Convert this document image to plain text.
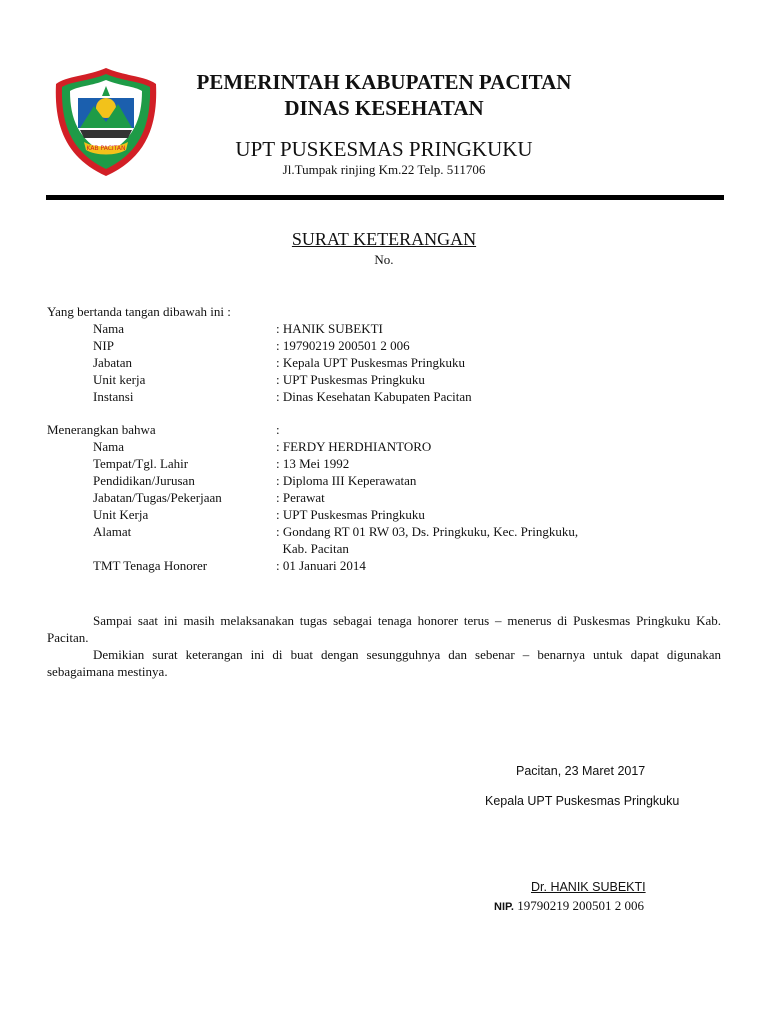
KAB PACITAN
PEMERINTAH KABUPATEN PACITAN
DINAS KESEHATAN
UPT PUSKESMAS PRINGKUKU
Jl.Tumpak rinjing Km.22 Telp. 511706
SURAT KETERANGAN
No.
Yang bertanda tangan dibawah ini :
Nama	: HANIK SUBEKTI
NIP	: 19790219 200501 2 006
Jabatan	: Kepala UPT Puskesmas Pringkuku
Unit kerja	: UPT Puskesmas Pringkuku
Instansi	: Dinas Kesehatan Kabupaten Pacitan
Menerangkan bahwa	:
Nama	: FERDY HERDHIANTORO
Tempat/Tgl. Lahir	: 13 Mei 1992
Pendidikan/Jurusan	: Diploma III Keperawatan
Jabatan/Tugas/Pekerjaan	: Perawat
Unit Kerja	: UPT Puskesmas Pringkuku
Alamat	: Gondang RT 01 RW 03, Ds. Pringkuku, Kec. Pringkuku,
Kab. Pacitan
TMT Tenaga Honorer	: 01 Januari 2014
Sampai saat ini masih melaksanakan tugas sebagai tenaga honorer terus – menerus di Puskesmas Pringkuku Kab. Pacitan.
Demikian surat keterangan ini di buat dengan sesungguhnya dan sebenar – benarnya untuk dapat digunakan sebagaimana mestinya.
Pacitan, 23 Maret 2017
Kepala UPT Puskesmas Pringkuku
Dr. HANIK SUBEKTI
NIP. 19790219 200501 2 006
